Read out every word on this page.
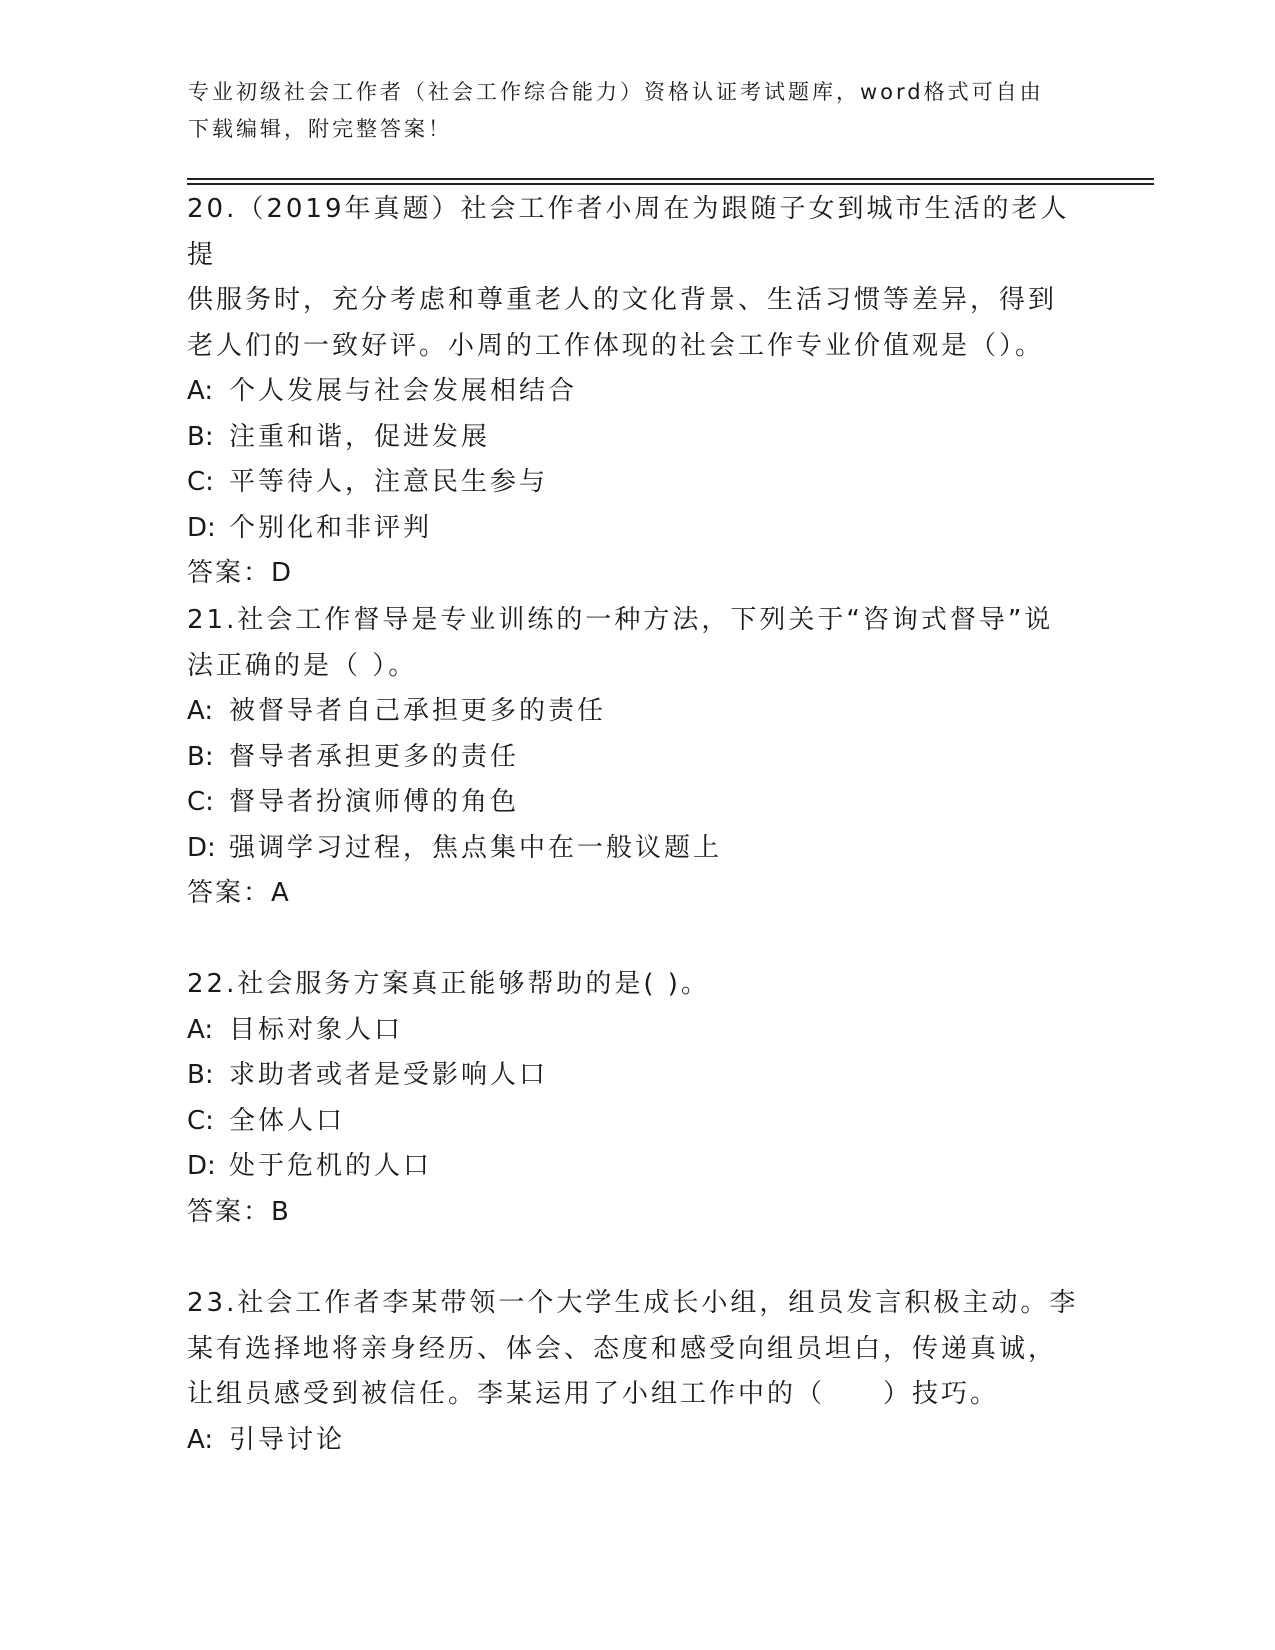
专业初级社会工作者（社会工作综合能力）资格认证考试题库，word格式可自由
下载编辑，附完整答案！

20.（2019年真题）社会工作者小周在为跟随子女到城市生活的老人提

供服务时，充分考虑和尊重老人的文化背景、生活习惯等差异，得到

老人们的一致好评。小周的工作体现的社会工作专业价值观是（）。

A: 个人发展与社会发展相结合

B: 注重和谐，促进发展

C: 平等待人，注意民生参与

D: 个别化和非评判

答案：D

21.社会工作督导是专业训练的一种方法，下列关于“咨询式督导”说

法正确的是（ ）。

A: 被督导者自己承担更多的责任

B: 督导者承担更多的责任

C: 督导者扮演师傅的角色

D: 强调学习过程，焦点集中在一般议题上

答案：A

22.社会服务方案真正能够帮助的是( )。

A: 目标对象人口

B: 求助者或者是受影响人口

C: 全体人口

D: 处于危机的人口

答案：B

23.社会工作者李某带领一个大学生成长小组，组员发言积极主动。李

某有选择地将亲身经历、体会、态度和感受向组员坦白，传递真诚，

让组员感受到被信任。李某运用了小组工作中的（　　）技巧。

A: 引导讨论
